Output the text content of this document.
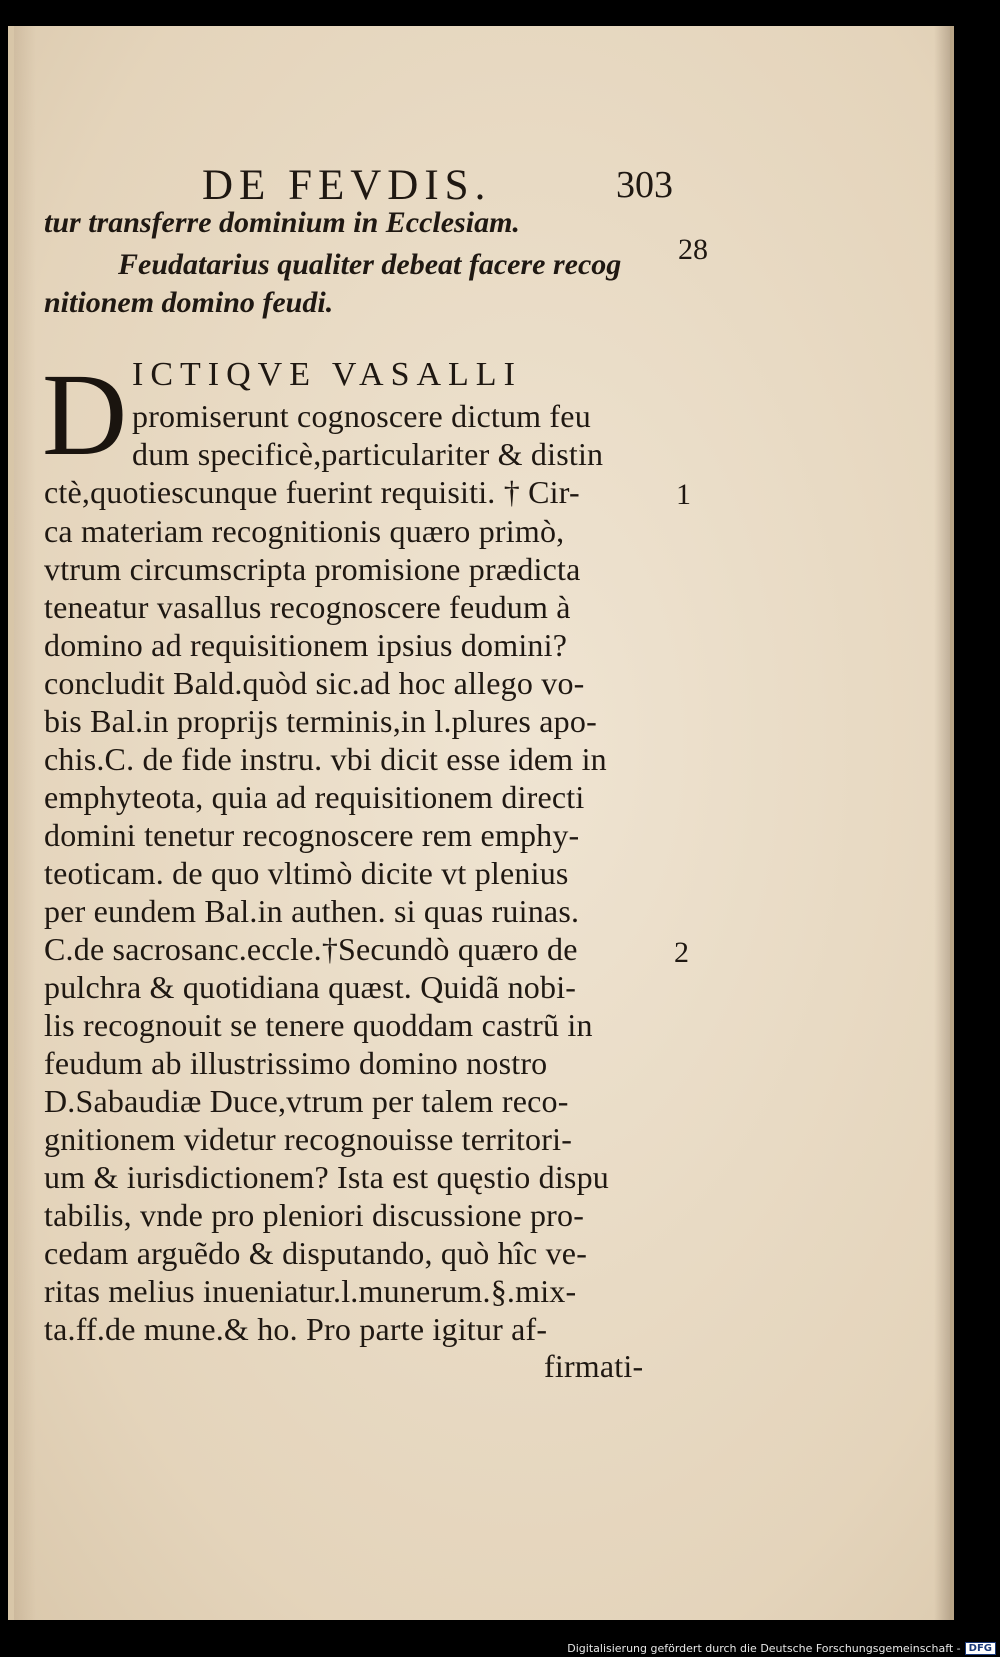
DE FEVDIS.	303
28
tur transferre dominium in Ecclesiam.
Feudatarius qualiter debeat facere recog
nitionem domino feudi.
D ICTIQVE VASALLI
promiserunt cognoscere dictum feu
dum specificè,particulariter & distin
ctè,quotiescunque fuerint requisiti. † Cir-
ca materiam recognitionis quæro primò,
vtrum circumscripta promisione prædicta
teneatur vasallus recognoscere feudum à
domino ad requisitionem ipsius domini?
concludit Bald.quòd sic.ad hoc allego vo-
bis Bal.in proprijs terminis,in l.plures apo-
chis.C. de fide instru. vbi dicit esse idem in
emphyteota, quia ad requisitionem directi
domini tenetur recognoscere rem emphy-
teoticam. de quo vltimò dicite vt plenius
per eundem Bal.in authen. si quas ruinas.
C.de sacrosanc.eccle.†Secundò quæro de
pulchra & quotidiana quæst. Quidã nobi-
lis recognouit se tenere quoddam castrũ in
feudum ab illustrissimo domino nostro
D.Sabaudiæ Duce,vtrum per talem reco-
gnitionem videtur recognouisse territori-
um & iurisdictionem? Ista est quęstio dispu
tabilis, vnde pro pleniori discussione pro-
cedam arguẽdo & disputando, quò hîc ve-
ritas melius inueniatur.l.munerum.§.mix-
ta.ff.de mune.& ho. Pro parte igitur af-
firmati-
1
2
Digitalisierung gefördert durch die Deutsche Forschungsgemeinschaft - DFG
